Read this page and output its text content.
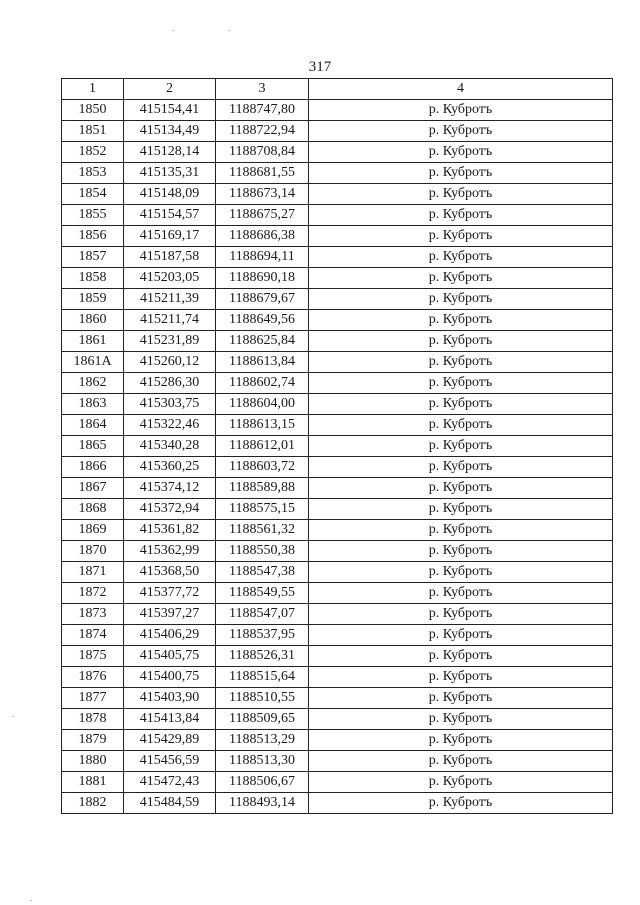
317
1	2	3	4
1850	415154,41	1188747,80	р. Кубротъ
1851	415134,49	1188722,94	р. Кубротъ
1852	415128,14	1188708,84	р. Кубротъ
1853	415135,31	1188681,55	р. Кубротъ
1854	415148,09	1188673,14	р. Кубротъ
1855	415154,57	1188675,27	р. Кубротъ
1856	415169,17	1188686,38	р. Кубротъ
1857	415187,58	1188694,11	р. Кубротъ
1858	415203,05	1188690,18	р. Кубротъ
1859	415211,39	1188679,67	р. Кубротъ
1860	415211,74	1188649,56	р. Кубротъ
1861	415231,89	1188625,84	р. Кубротъ
1861А	415260,12	1188613,84	р. Кубротъ
1862	415286,30	1188602,74	р. Кубротъ
1863	415303,75	1188604,00	р. Кубротъ
1864	415322,46	1188613,15	р. Кубротъ
1865	415340,28	1188612,01	р. Кубротъ
1866	415360,25	1188603,72	р. Кубротъ
1867	415374,12	1188589,88	р. Кубротъ
1868	415372,94	1188575,15	р. Кубротъ
1869	415361,82	1188561,32	р. Кубротъ
1870	415362,99	1188550,38	р. Кубротъ
1871	415368,50	1188547,38	р. Кубротъ
1872	415377,72	1188549,55	р. Кубротъ
1873	415397,27	1188547,07	р. Кубротъ
1874	415406,29	1188537,95	р. Кубротъ
1875	415405,75	1188526,31	р. Кубротъ
1876	415400,75	1188515,64	р. Кубротъ
1877	415403,90	1188510,55	р. Кубротъ
1878	415413,84	1188509,65	р. Кубротъ
1879	415429,89	1188513,29	р. Кубротъ
1880	415456,59	1188513,30	р. Кубротъ
1881	415472,43	1188506,67	р. Кубротъ
1882	415484,59	1188493,14	р. Кубротъ
